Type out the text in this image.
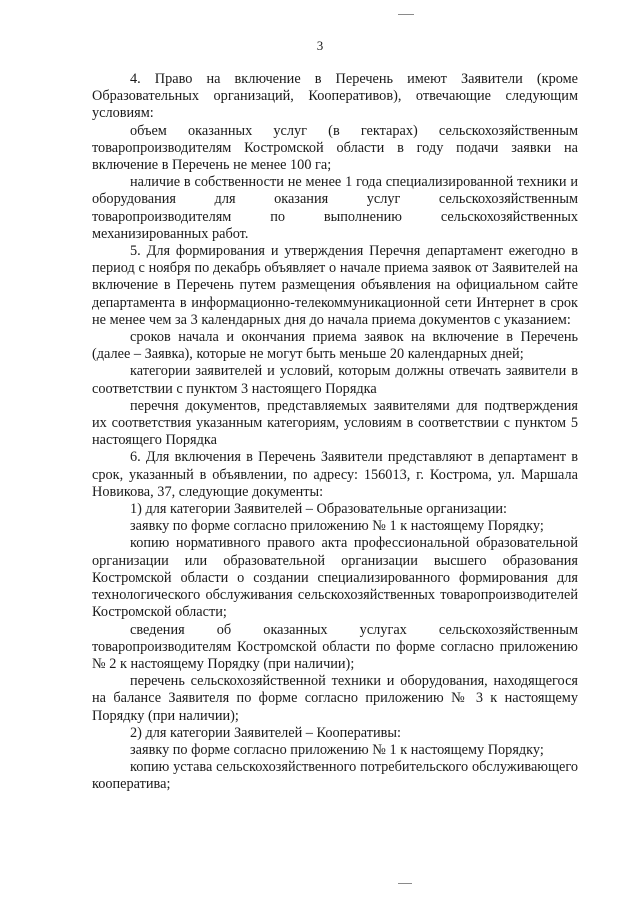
3

4. Право на включение в Перечень имеют Заявители (кроме Образовательных организаций, Кооперативов), отвечающие следующим условиям:

объем оказанных услуг (в гектарах) сельскохозяйственным товаропроизводителям Костромской области в году подачи заявки на включение в Перечень не менее 100 га;

наличие в собственности не менее 1 года специализированной техники и оборудования для оказания услуг сельскохозяйственным товаропроизводителям по выполнению сельскохозяйственных механизированных работ.

5. Для формирования и утверждения Перечня департамент ежегодно в период с ноября по декабрь объявляет о начале приема заявок от Заявителей на включение в Перечень путем размещения объявления на официальном сайте департамента в информационно-телекоммуникационной сети Интернет в срок не менее чем за 3 календарных дня до начала приема документов с указанием:

сроков начала и окончания приема заявок на включение в Перечень (далее – Заявка), которые не могут быть меньше 20 календарных дней;

категории заявителей и условий, которым должны отвечать заявители в соответствии с пунктом 3 настоящего Порядка

перечня документов, представляемых заявителями для подтверждения их соответствия указанным категориям, условиям в соответствии с пунктом 5 настоящего Порядка

6. Для включения в Перечень Заявители представляют в департамент в срок, указанный в объявлении, по адресу: 156013, г. Кострома, ул. Маршала Новикова, 37, следующие документы:

1) для категории Заявителей – Образовательные организации:

заявку по форме согласно приложению № 1 к настоящему Порядку;

копию нормативного правого акта профессиональной образовательной организации или образовательной организации высшего образования Костромской области о создании специализированного формирования для технологического обслуживания сельскохозяйственных товаропроизводителей Костромской области;

сведения об оказанных услугах сельскохозяйственным товаропроизводителям Костромской области по форме согласно приложению № 2 к настоящему Порядку (при наличии);

перечень сельскохозяйственной техники и оборудования, находящегося на балансе Заявителя по форме согласно приложению № 3 к настоящему Порядку (при наличии);

2) для категории Заявителей – Кооперативы:

заявку по форме согласно приложению № 1 к настоящему Порядку;

копию устава сельскохозяйственного потребительского обслуживающего кооператива;
